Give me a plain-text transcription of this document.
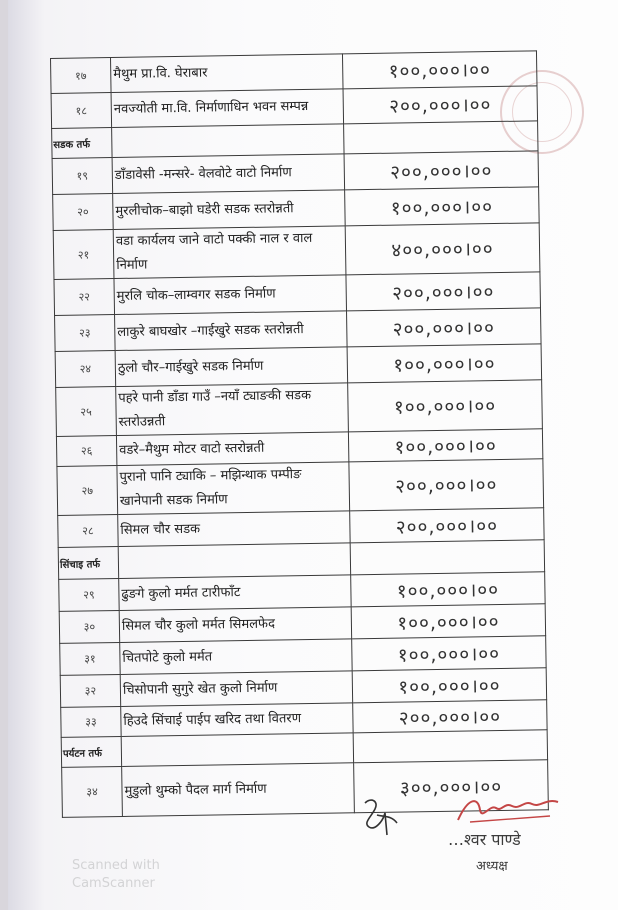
१७	मैथुम प्रा.वि. घेराबार	१००,०००।००
१८	नवज्योती मा.वि. निर्माणाधिन भवन सम्पन्न	२००,०००।००
सडक तर्फ		
१९	डाँडावेसी -मन्सरे- वेलवोटे वाटो निर्माण	२००,०००।००
२०	मुरलीचोक–बाझो घडेरी सडक स्तरोन्नती	१००,०००।००
२१	वडा कार्यलय जाने वाटो पक्की नाल र वाल निर्माण	४००,०००।००
२२	मुरलि चोक–लाम्वगर सडक निर्माण	२००,०००।००
२३	लाकुरे बाघखोर –गाईखुरे सडक स्तरोन्नती	२००,०००।००
२४	ठुलो चौर–गाईखुरे सडक निर्माण	१००,०००।००
२५	पहरे पानी डाँडा गाउँ –नयाँ ट्याङकी सडक स्तरोउन्नती	१००,०००।००
२६	वडरे–मैथुम मोटर वाटो स्तरोन्नती	१००,०००।००
२७	पुरानो पानि ट्याकि – मझिन्थाक पम्पीङ खानेपानी सडक निर्माण	२००,०००।००
२८	सिमल चौर सडक	२००,०००।००
सिंचाइ तर्फ		
२९	ढुङगे कुलो मर्मत टारीफाँट	१००,०००।००
३०	सिमल चौर कुलो मर्मत सिमलफेद	१००,०००।००
३१	चितपोटे कुलो मर्मत	१००,०००।००
३२	चिसोपानी सुगुरे खेत कुलो निर्माण	१००,०००।००
३३	हिउदे सिंचाई पाईप खरिद तथा वितरण	२००,०००।००
पर्यटन तर्फ		
३४	मुडुलो थुम्को पैदल मार्ग निर्माण	३००,०००।००
…श्वर पाण्डे
अध्यक्ष
Scanned with
CamScanner
